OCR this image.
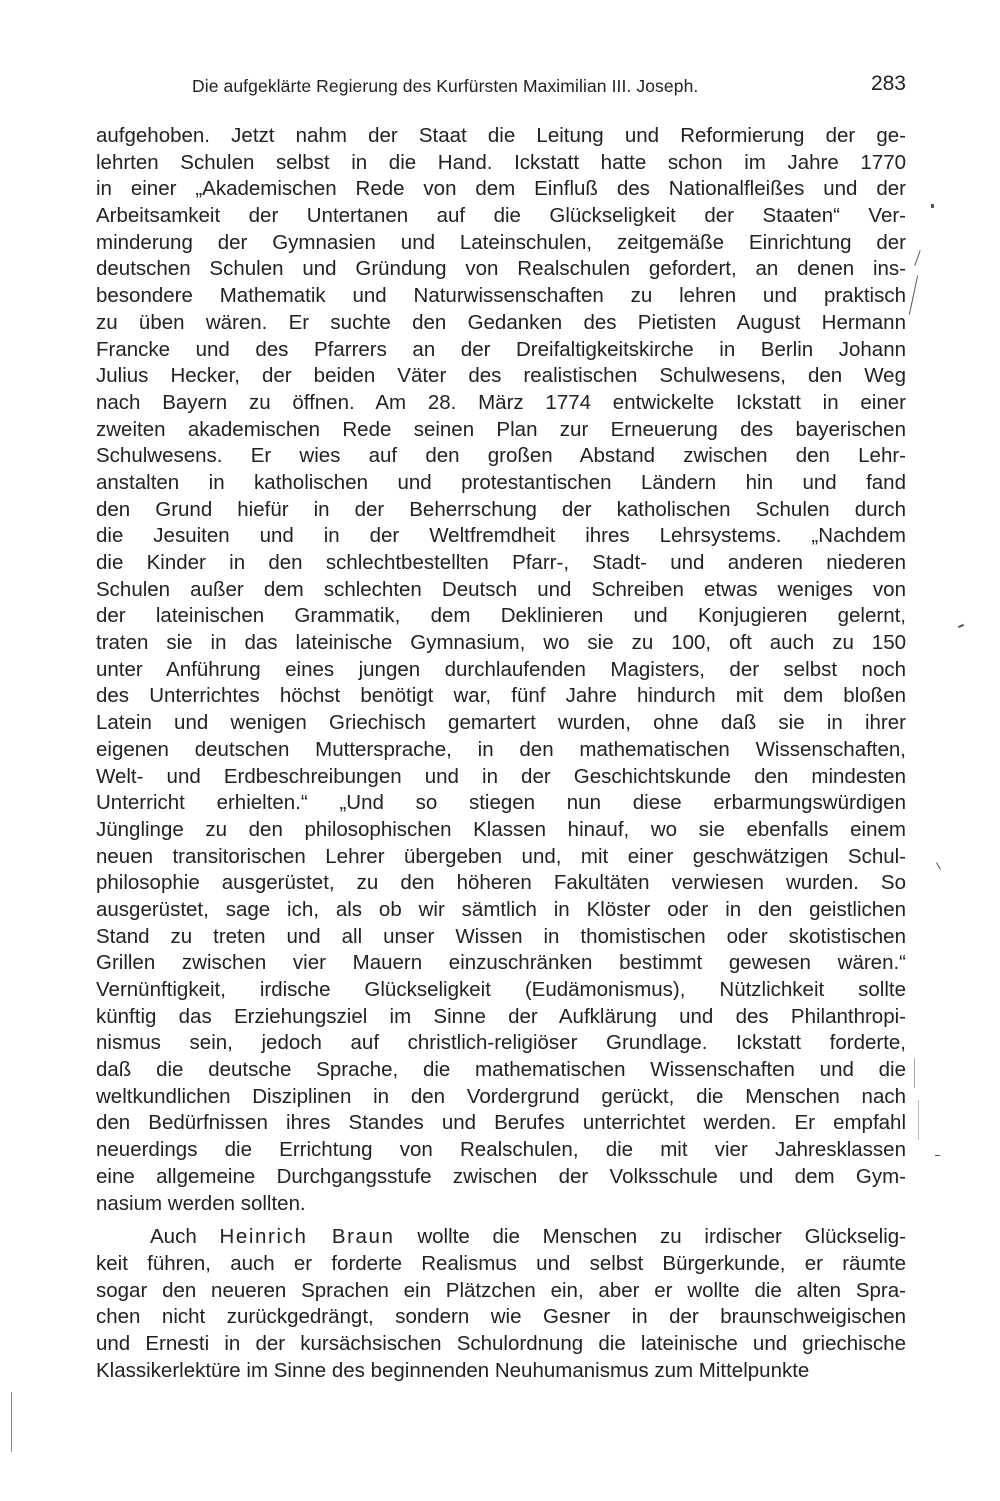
Die aufgeklärte Regierung des Kurfürsten Maximilian III. Joseph.	283
aufgehoben. Jetzt nahm der Staat die Leitung und Reformierung der ge-
lehrten Schulen selbst in die Hand. Ickstatt hatte schon im Jahre 1770
in einer „Akademischen Rede von dem Einfluß des Nationalfleißes und der
Arbeitsamkeit der Untertanen auf die Glückseligkeit der Staaten“ Ver-
minderung der Gymnasien und Lateinschulen, zeitgemäße Einrichtung der
deutschen Schulen und Gründung von Realschulen gefordert, an denen ins-
besondere Mathematik und Naturwissenschaften zu lehren und praktisch
zu üben wären. Er suchte den Gedanken des Pietisten August Hermann
Francke und des Pfarrers an der Dreifaltigkeitskirche in Berlin Johann
Julius Hecker, der beiden Väter des realistischen Schulwesens, den Weg
nach Bayern zu öffnen. Am 28. März 1774 entwickelte Ickstatt in einer
zweiten akademischen Rede seinen Plan zur Erneuerung des bayerischen
Schulwesens. Er wies auf den großen Abstand zwischen den Lehr-
anstalten in katholischen und protestantischen Ländern hin und fand
den Grund hiefür in der Beherrschung der katholischen Schulen durch
die Jesuiten und in der Weltfremdheit ihres Lehrsystems. „Nachdem
die Kinder in den schlechtbestellten Pfarr-, Stadt- und anderen niederen
Schulen außer dem schlechten Deutsch und Schreiben etwas weniges von
der lateinischen Grammatik, dem Deklinieren und Konjugieren gelernt,
traten sie in das lateinische Gymnasium, wo sie zu 100, oft auch zu 150
unter Anführung eines jungen durchlaufenden Magisters, der selbst noch
des Unterrichtes höchst benötigt war, fünf Jahre hindurch mit dem bloßen
Latein und wenigen Griechisch gemartert wurden, ohne daß sie in ihrer
eigenen deutschen Muttersprache, in den mathematischen Wissenschaften,
Welt- und Erdbeschreibungen und in der Geschichtskunde den mindesten
Unterricht erhielten.“ „Und so stiegen nun diese erbarmungswürdigen
Jünglinge zu den philosophischen Klassen hinauf, wo sie ebenfalls einem
neuen transitorischen Lehrer übergeben und, mit einer geschwätzigen Schul-
philosophie ausgerüstet, zu den höheren Fakultäten verwiesen wurden. So
ausgerüstet, sage ich, als ob wir sämtlich in Klöster oder in den geistlichen
Stand zu treten und all unser Wissen in thomistischen oder skotistischen
Grillen zwischen vier Mauern einzuschränken bestimmt gewesen wären.“
Vernünftigkeit, irdische Glückseligkeit (Eudämonismus), Nützlichkeit sollte
künftig das Erziehungsziel im Sinne der Aufklärung und des Philanthropi-
nismus sein, jedoch auf christlich-religiöser Grundlage. Ickstatt forderte,
daß die deutsche Sprache, die mathematischen Wissenschaften und die
weltkundlichen Disziplinen in den Vordergrund gerückt, die Menschen nach
den Bedürfnissen ihres Standes und Berufes unterrichtet werden. Er empfahl
neuerdings die Errichtung von Realschulen, die mit vier Jahresklassen
eine allgemeine Durchgangsstufe zwischen der Volksschule und dem Gym-
nasium werden sollten.
Auch Heinrich Braun wollte die Menschen zu irdischer Glückselig-
keit führen, auch er forderte Realismus und selbst Bürgerkunde, er räumte
sogar den neueren Sprachen ein Plätzchen ein, aber er wollte die alten Spra-
chen nicht zurückgedrängt, sondern wie Gesner in der braunschweigischen
und Ernesti in der kursächsischen Schulordnung die lateinische und griechische
Klassikerlektüre im Sinne des beginnenden Neuhumanismus zum Mittelpunkte
